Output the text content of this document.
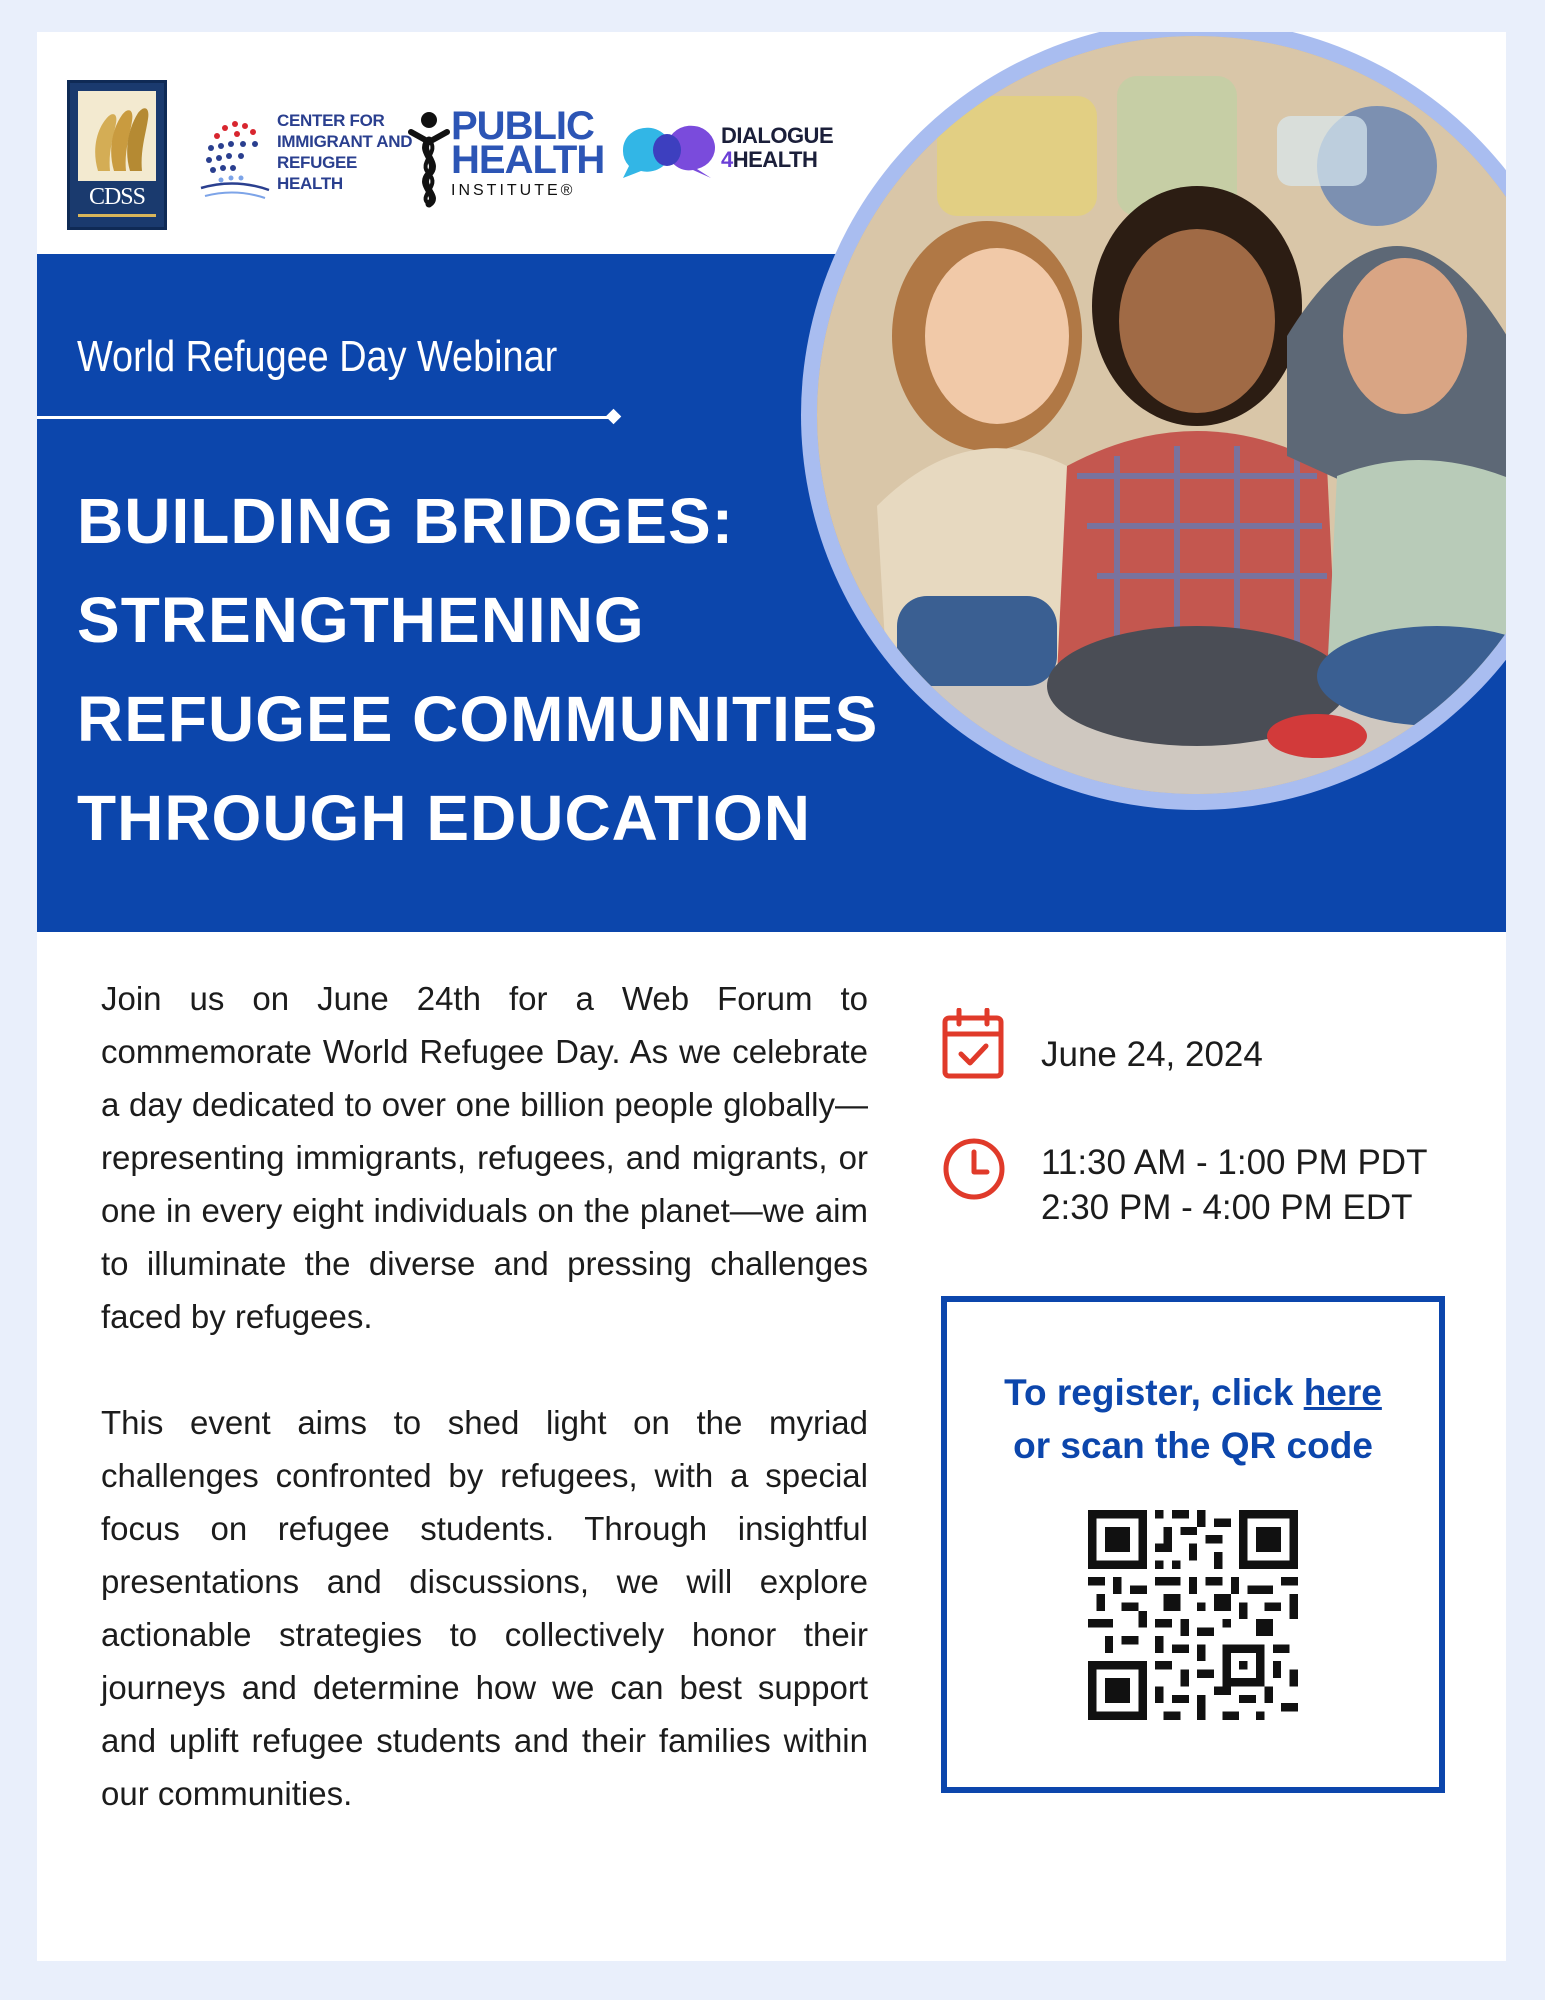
CDSS
CENTER FOR
IMMIGRANT AND
REFUGEE
HEALTH
PUBLIC
HEALTH
INSTITUTE®
DIALOGUE
4HEALTH
World Refugee Day Webinar
BUILDING BRIDGES:
STRENGTHENING
REFUGEE COMMUNITIES
THROUGH EDUCATION

Join us on June 24th for a Web Forum to commemorate World Refugee Day. As we celebrate a day dedicated to over one billion people globally—representing immigrants, refugees, and migrants, or one in every eight individuals on the planet—we aim to illuminate the diverse and pressing challenges faced by refugees.

This event aims to shed light on the myriad challenges confronted by refugees, with a special focus on refugee students. Through insightful presentations and discussions, we will explore actionable strategies to collectively honor their journeys and determine how we can best support and uplift refugee students and their families within our communities.

June 24, 2024
11:30 AM - 1:00 PM PDT
2:30 PM - 4:00 PM EDT
To register, click here
or scan the QR code
